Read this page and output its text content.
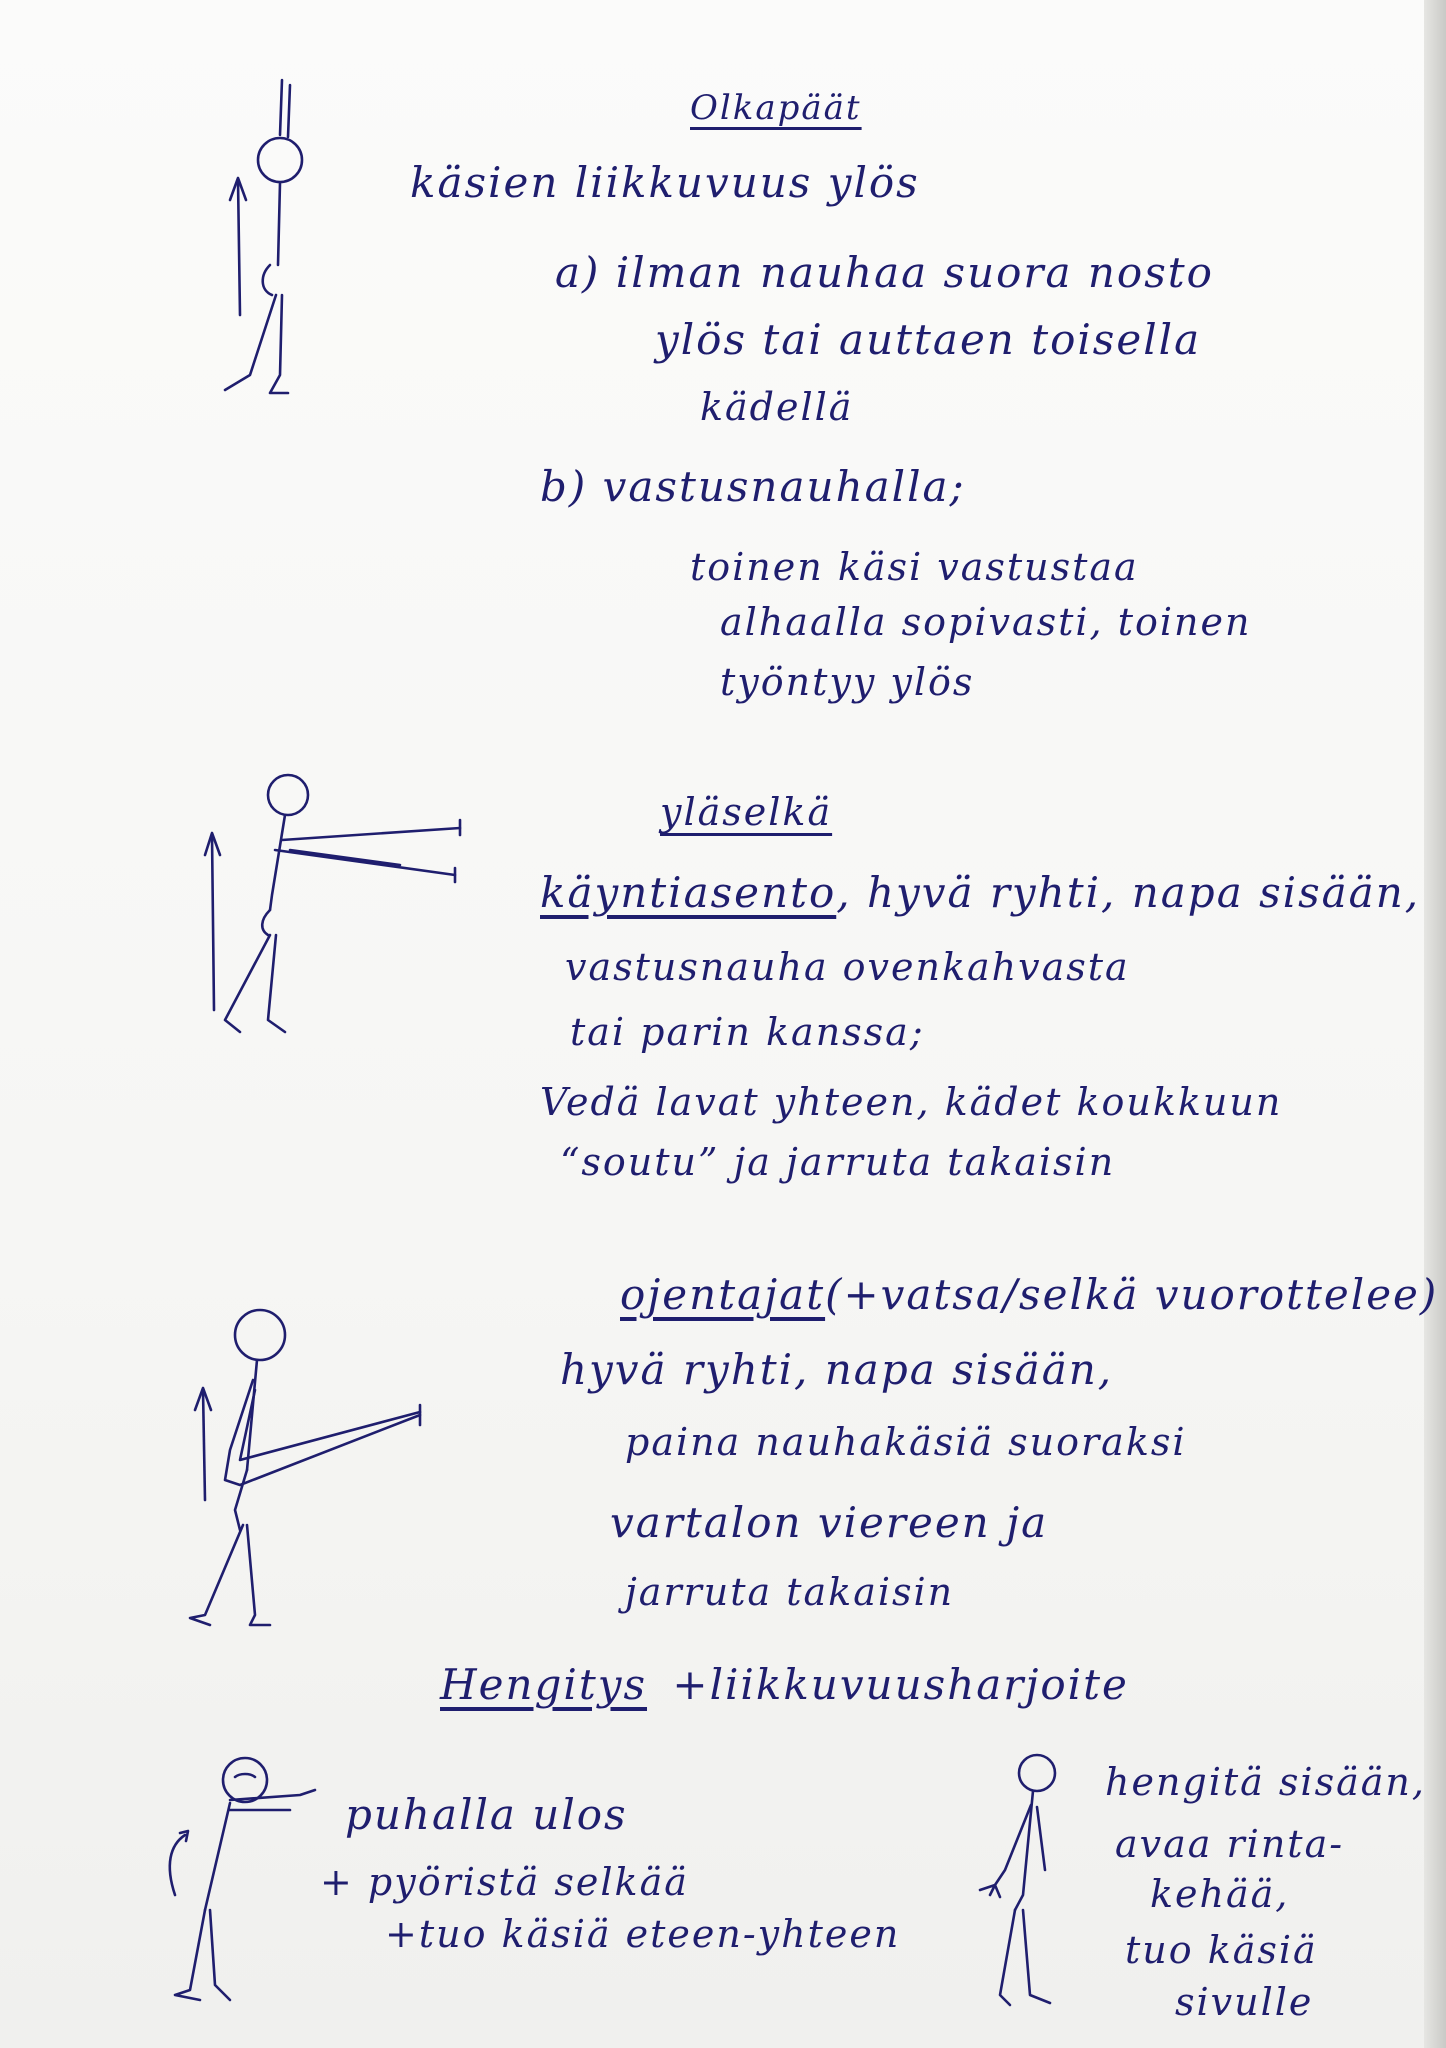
Olkapäät
käsien liikkuvuus ylös
a) ilman nauhaa suora nosto
ylös tai auttaen toisella
kädellä
b) vastusnauhalla;
toinen käsi vastustaa
alhaalla sopivasti, toinen
työntyy ylös
yläselkä
käyntiasento, hyvä ryhti, napa sisään,
vastusnauha ovenkahvasta
tai parin kanssa;
Vedä lavat yhteen, kädet koukkuun
“soutu” ja jarruta takaisin
ojentajat(+vatsa/selkä vuorottelee)
hyvä ryhti, napa sisään,
paina nauhakäsiä suoraksi
vartalon viereen ja
jarruta takaisin
Hengitys +liikkuvuusharjoite
puhalla ulos
+ pyöristä selkää
+tuo käsiä eteen-yhteen
hengitä sisään,
avaa rinta-
kehää,
tuo käsiä
sivulle
